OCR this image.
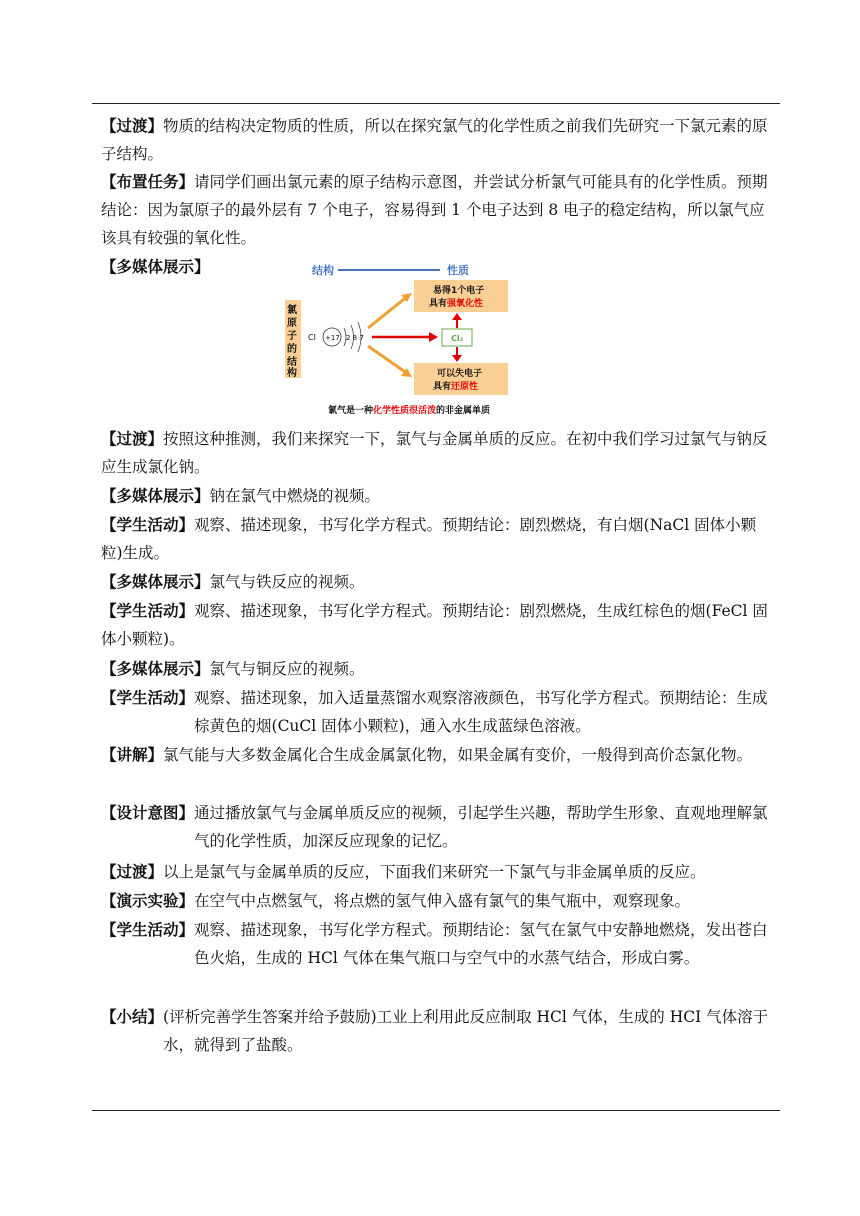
【过渡】物质的结构决定物质的性质，所以在探究氯气的化学性质之前我们先研究一下氯元素的原子结构。
【布置任务】请同学们画出氯元素的原子结构示意图，并尝试分析氯气可能具有的化学性质。预期结论：因为氯原子的最外层有 7 个电子，容易得到 1 个电子达到 8 电子的稳定结构，所以氯气应该具有较强的氧化性。
【多媒体展示】	结构	性质
氯
原
子
的
结
构
Cl +17 2 8 7
易得1个电子
具有强氧化性
Cl₂
可以失电子
具有还原性
氯气是一种化学性质很活泼的非金属单质
【过渡】按照这种推测，我们来探究一下，氯气与金属单质的反应。在初中我们学习过氯气与钠反应生成氯化钠。
【多媒体展示】钠在氯气中燃烧的视频。
【学生活动】观察、描述现象，书写化学方程式。预期结论：剧烈燃烧，有白烟(NaCl 固体小颗粒)生成。
【多媒体展示】氯气与铁反应的视频。
【学生活动】观察、描述现象，书写化学方程式。预期结论：剧烈燃烧，生成红棕色的烟(FeCl 固体小颗粒)。
【多媒体展示】氯气与铜反应的视频。
【学生活动】 观察、描述现象，加入适量蒸馏水观察溶液颜色，书写化学方程式。预期结论：生成棕黄色的烟(CuCl 固体小颗粒)，通入水生成蓝绿色溶液。
【讲解】 氯气能与大多数金属化合生成金属氯化物，如果金属有变价，一般得到高价态氯化物。
【设计意图】 通过播放氯气与金属单质反应的视频，引起学生兴趣，帮助学生形象、直观地理解氯气的化学性质，加深反应现象的记忆。
【过渡】 以上是氯气与金属单质的反应，下面我们来研究一下氯气与非金属单质的反应。
【演示实验】 在空气中点燃氢气，将点燃的氢气伸入盛有氯气的集气瓶中，观察现象。
【学生活动】 观察、描述现象，书写化学方程式。预期结论：氢气在氯气中安静地燃烧，发出苍白色火焰，生成的 HCl 气体在集气瓶口与空气中的水蒸气结合，形成白雾。
【小结】 (评析完善学生答案并给予鼓励)工业上利用此反应制取 HCl 气体，生成的 HCI 气体溶于水，就得到了盐酸。
